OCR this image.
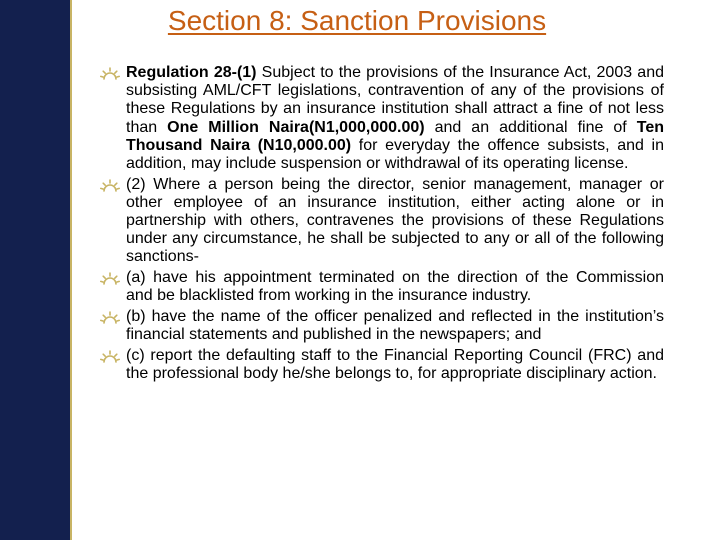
Section 8: Sanction Provisions
Regulation 28-(1) Subject to the provisions of the Insurance Act, 2003 and subsisting AML/CFT legislations, contravention of any of the provisions of these Regulations by an insurance institution shall attract a fine of not less than One Million Naira(N1,000,000.00) and an additional fine of Ten Thousand Naira (N10,000.00) for everyday the offence subsists, and in addition, may include suspension or withdrawal of its operating license.
(2) Where a person being the director, senior management, manager or other employee of an insurance institution, either acting alone or in partnership with others, contravenes the provisions of these Regulations under any circumstance, he shall be subjected to any or all of the following sanctions-
(a) have his appointment terminated on the direction of the Commission and be blacklisted from working in the insurance industry.
(b) have the name of the officer penalized and reflected in the institution’s financial statements and published in the newspapers; and
(c) report the defaulting staff to the Financial Reporting Council (FRC) and the professional body he/she belongs to, for appropriate disciplinary action.
